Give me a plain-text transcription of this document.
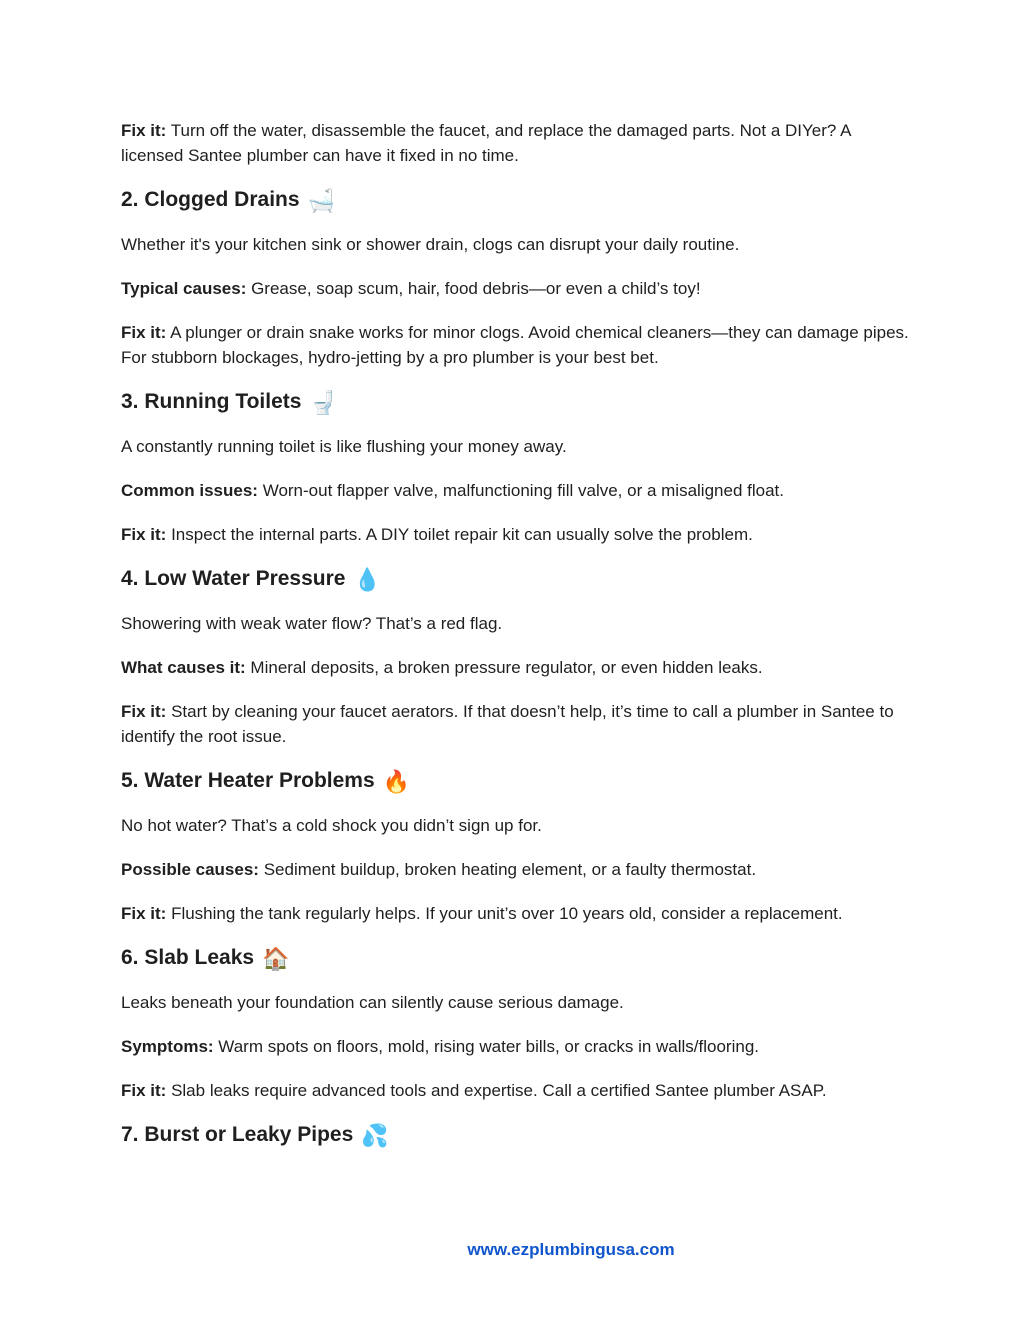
Fix it: Turn off the water, disassemble the faucet, and replace the damaged parts. Not a DIYer? A licensed Santee plumber can have it fixed in no time.

2. Clogged Drains 🛁

Whether it's your kitchen sink or shower drain, clogs can disrupt your daily routine.

Typical causes: Grease, soap scum, hair, food debris—or even a child’s toy!

Fix it: A plunger or drain snake works for minor clogs. Avoid chemical cleaners—they can damage pipes. For stubborn blockages, hydro-jetting by a pro plumber is your best bet.

3. Running Toilets 🚽

A constantly running toilet is like flushing your money away.

Common issues: Worn-out flapper valve, malfunctioning fill valve, or a misaligned float.

Fix it: Inspect the internal parts. A DIY toilet repair kit can usually solve the problem.

4. Low Water Pressure 💧

Showering with weak water flow? That’s a red flag.

What causes it: Mineral deposits, a broken pressure regulator, or even hidden leaks.

Fix it: Start by cleaning your faucet aerators. If that doesn’t help, it’s time to call a plumber in Santee to identify the root issue.

5. Water Heater Problems 🔥

No hot water? That’s a cold shock you didn’t sign up for.

Possible causes: Sediment buildup, broken heating element, or a faulty thermostat.

Fix it: Flushing the tank regularly helps. If your unit’s over 10 years old, consider a replacement.

6. Slab Leaks 🏠

Leaks beneath your foundation can silently cause serious damage.

Symptoms: Warm spots on floors, mold, rising water bills, or cracks in walls/flooring.

Fix it: Slab leaks require advanced tools and expertise. Call a certified Santee plumber ASAP.

7. Burst or Leaky Pipes 💦
www.ezplumbingusa.com
